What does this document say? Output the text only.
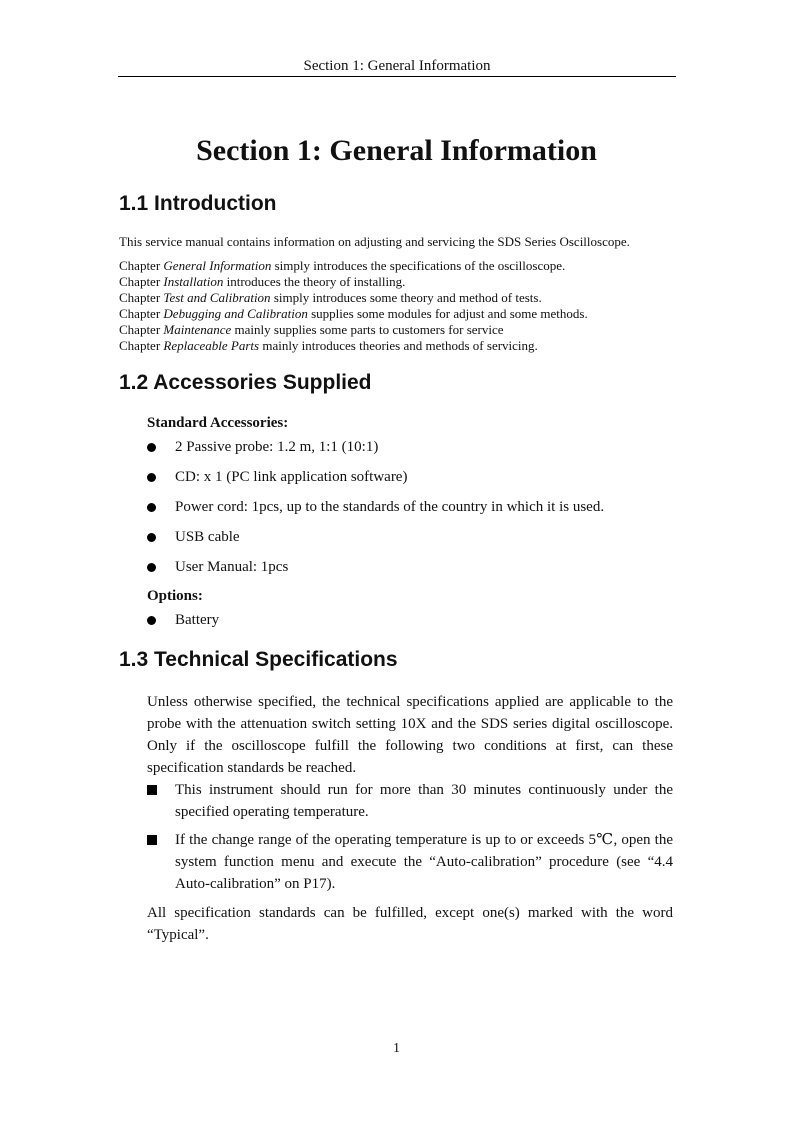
Section 1: General Information
Section 1: General Information
1.1 Introduction

This service manual contains information on adjusting and servicing the SDS Series Oscilloscope.

Chapter General Information simply introduces the specifications of the oscilloscope.
Chapter Installation introduces the theory of installing.
Chapter Test and Calibration simply introduces some theory and method of tests.
Chapter Debugging and Calibration supplies some modules for adjust and some methods.
Chapter Maintenance mainly supplies some parts to customers for service
Chapter Replaceable Parts mainly introduces theories and methods of servicing.
1.2 Accessories Supplied

Standard Accessories:

2 Passive probe: 1.2 m, 1:1 (10:1)
CD: x 1 (PC link application software)
Power cord: 1pcs, up to the standards of the country in which it is used.
USB cable
User Manual: 1pcs

Options:

Battery
1.3 Technical Specifications

Unless otherwise specified, the technical specifications applied are applicable to the probe with the attenuation switch setting 10X and the SDS series digital oscilloscope. Only if the oscilloscope fulfill the following two conditions at first, can these specification standards be reached.

This instrument should run for more than 30 minutes continuously under the specified operating temperature.
If the change range of the operating temperature is up to or exceeds 5℃, open the system function menu and execute the “Auto-calibration” procedure (see “4.4 Auto-calibration” on P17).

All specification standards can be fulfilled, except one(s) marked with the word “Typical”.

1
